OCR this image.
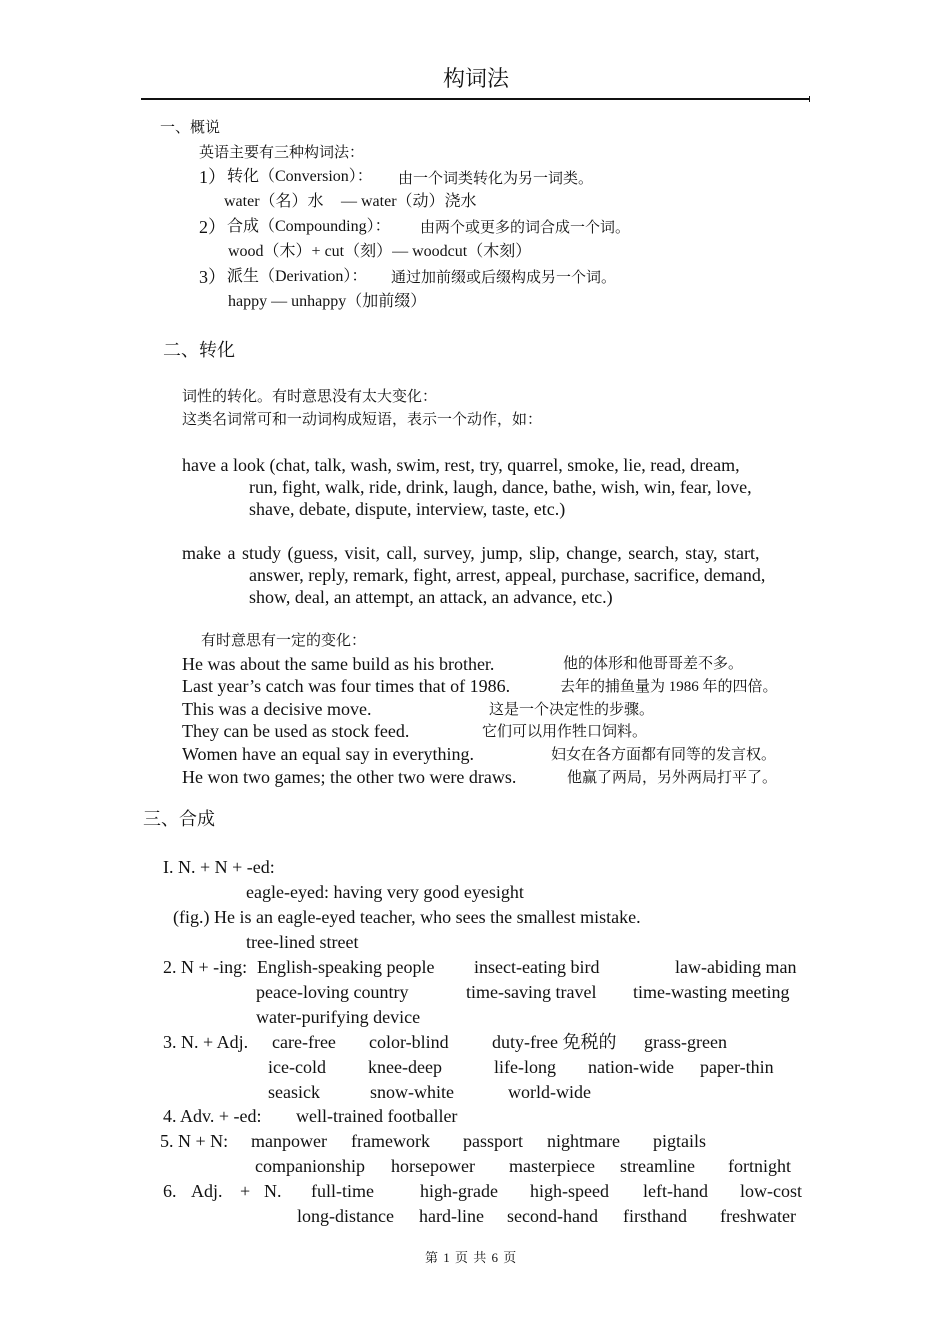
构词法
一、概说
英语主要有三种构词法：
1） 转化（Conversion）： 由一个词类转化为另一词类。
water（名）水 — water（动）浇水
2） 合成（Compounding）： 由两个或更多的词合成一个词。
wood（木）+ cut（刻）— woodcut（木刻）
3） 派生（Derivation）： 通过加前缀或后缀构成另一个词。
happy — unhappy（加前缀）
二、转化
词性的转化。有时意思没有太大变化：
这类名词常可和一动词构成短语，表示一个动作，如：
have a look (chat, talk, wash, swim, rest, try, quarrel, smoke, lie, read, dream,
run, fight, walk, ride, drink, laugh, dance, bathe, wish, win, fear, love,
shave, debate, dispute, interview, taste, etc.)
make a study (guess, visit, call, survey, jump, slip, change, search, stay, start,
answer, reply, remark, fight, arrest, appeal, purchase, sacrifice, demand,
show, deal, an attempt, an attack, an advance, etc.)
有时意思有一定的变化：
He was about the same build as his brother.	他的体形和他哥哥差不多。
Last year’s catch was four times that of 1986.	去年的捕鱼量为 1986 年的四倍。
This was a decisive move.	这是一个决定性的步骤。
They can be used as stock feed.	它们可以用作牲口饲料。
Women have an equal say in everything.	妇女在各方面都有同等的发言权。
He won two games; the other two were draws.	他赢了两局，另外两局打平了。
三、合成
I. N. + N + -ed:
eagle-eyed: having very good eyesight
(fig.) He is an eagle-eyed teacher, who sees the smallest mistake.
tree-lined street
2. N + -ing: English-speaking people insect-eating bird	law-abiding man
peace-loving country	time-saving travel time-wasting meeting
water-purifying device
3. N. + Adj. care-free color-blind duty-free 免税的 grass-green
ice-cold knee-deep	life-long nation-wide paper-thin
seasick	snow-white	world-wide
4. Adv. + -ed: well-trained footballer
5. N + N: manpower framework passport nightmare pigtails
companionship horsepower masterpiece streamline fortnight
6. Adj. + N. full-time	high-grade high-speed left-hand low-cost
long-distance hard-line second-hand firsthand freshwater
第 1 页 共 6 页
